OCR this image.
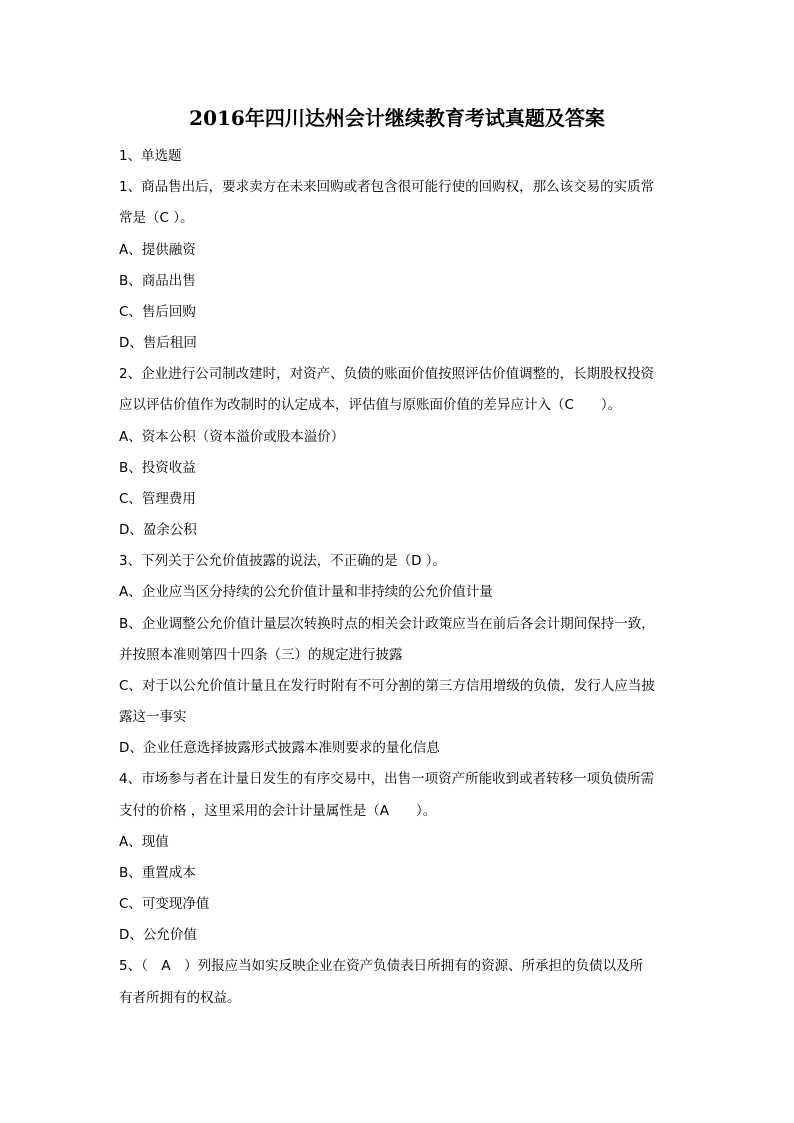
2016年四川达州会计继续教育考试真题及答案
1、单选题
1、商品售出后，要求卖方在未来回购或者包含很可能行使的回购权，那么该交易的实质常
常是（C ）。
A、提供融资
B、商品出售
C、售后回购
D、售后租回
2、企业进行公司制改建时，对资产、负债的账面价值按照评估价值调整的，长期股权投资
应以评估价值作为改制时的认定成本，评估值与原账面价值的差异应计入（C　　）。
A、资本公积（资本溢价或股本溢价）
B、投资收益
C、管理费用
D、盈余公积
3、下列关于公允价值披露的说法，不正确的是（D ）。
A、企业应当区分持续的公允价值计量和非持续的公允价值计量
B、企业调整公允价值计量层次转换时点的相关会计政策应当在前后各会计期间保持一致，
并按照本准则第四十四条（三）的规定进行披露
C、对于以公允价值计量且在发行时附有不可分割的第三方信用增级的负债，发行人应当披
露这一事实
D、企业任意选择披露形式披露本准则要求的量化信息
4、市场参与者在计量日发生的有序交易中，出售一项资产所能收到或者转移一项负债所需
支付的价格 ，这里采用的会计计量属性是（A　　）。
A、现值
B、重置成本
C、可变现净值
D、公允价值
5、（　A　）列报应当如实反映企业在资产负债表日所拥有的资源、所承担的负债以及所
有者所拥有的权益。
